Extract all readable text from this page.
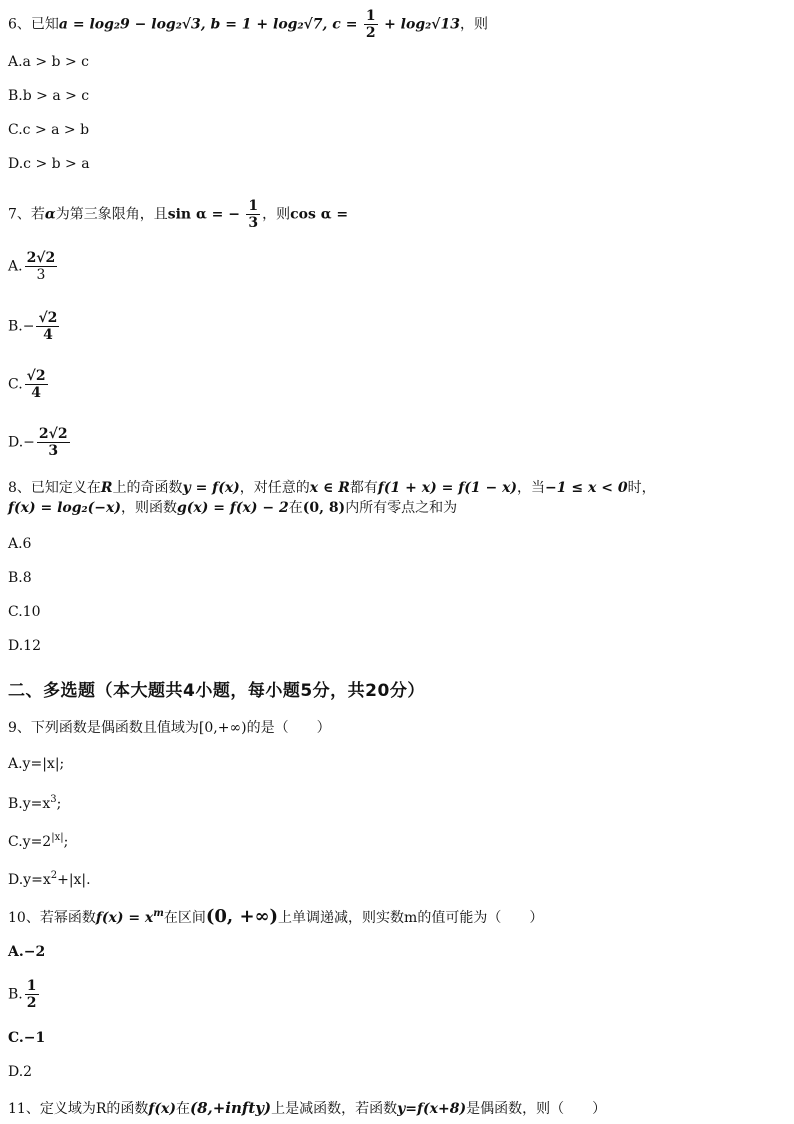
6、已知a = log₂9 − log₂√3, b = 1 + log₂√7, $c = \frac{1}{2} + \log_2√13$，则
A.a > b > c
B.b > a > c
C.c > a > b
D.c > b > a
7、若α为第三象限角，且sin α = − $\frac{1}{3}$ ，则cos α =
A. $\frac{2√2}{3}$
$B.- \frac{√2}{4}$
C. $\frac{√2}{4}$
$D.- \frac{2√2}{3}$
8、已知定义在R上的奇函数y = f(x)，对任意的x ∈ R都有f(1 + x) = f(1 − x)，当−1 ≤ x < 0时，
f(x) = log₂(−x)，则函数g(x) = f(x) − 2在(0, 8)内所有零点之和为
A.6
B.8
C.10
D.12
二、多选题（本大题共4小题，每小题5分，共20分）
9、下列函数是偶函数且值域为[0,+∞)的是（　　）
A.y=|x|;
$B.y=x^3$;
$C.y=2^{|x|}$;
$D.y=x^2+|x|$.
10、若幂函数$f(x) = x^m$在区间(0, +∞)上单调递减，则实数m的值可能为（　　）
A.−2
B. $\frac{1}{2}$
C.−1
D.2
11、定义域为R的函数f(x)在(8,+infty)上是减函数，若函数y=f(x+8)是偶函数，则（　　）
